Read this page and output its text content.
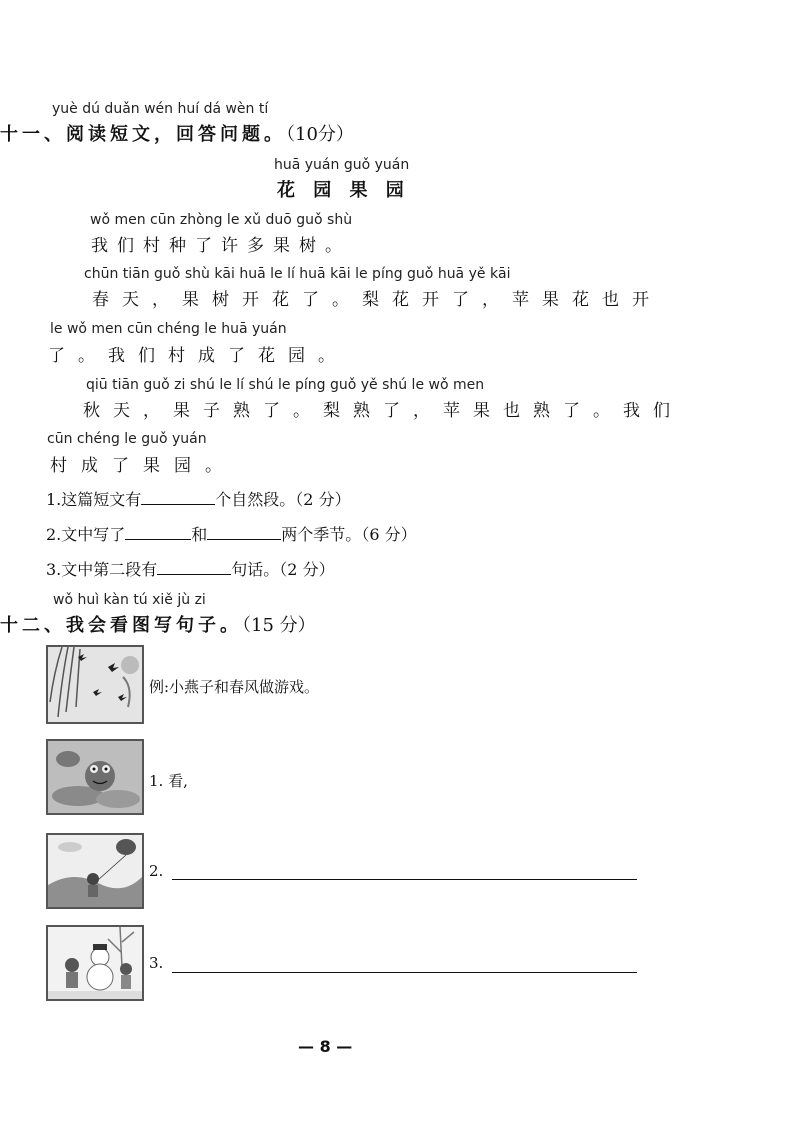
yuè dú duǎn wén huí dá wèn tí
十一、阅读短文，回答问题。（10分）
huā yuán guǒ yuán
花 园 果 园
wǒ men cūn zhòng le xǔ duō guǒ shù
我们村种了许多果树。
chūn tiān guǒ shù kāi huā le lí huā kāi le píng guǒ huā yě kāi
春天，果树开花了。梨花开了，苹果花也开
le wǒ men cūn chéng le huā yuán
了。我们村成了花园。
qiū tiān guǒ zi shú le lí shú le píng guǒ yě shú le wǒ men
秋天，果子熟了。梨熟了，苹果也熟了。我们
cūn chéng le guǒ yuán
村成了果园。
1.这篇短文有	个自然段。（2 分）
2.文中写了	和	两个季节。（6 分）
3.文中第二段有	句话。（2 分）
wǒ huì kàn tú xiě jù zi
十二、我会看图写句子。（15 分）
例:小燕子和春风做游戏。
1. 看,
2.
3.
— 8 —
